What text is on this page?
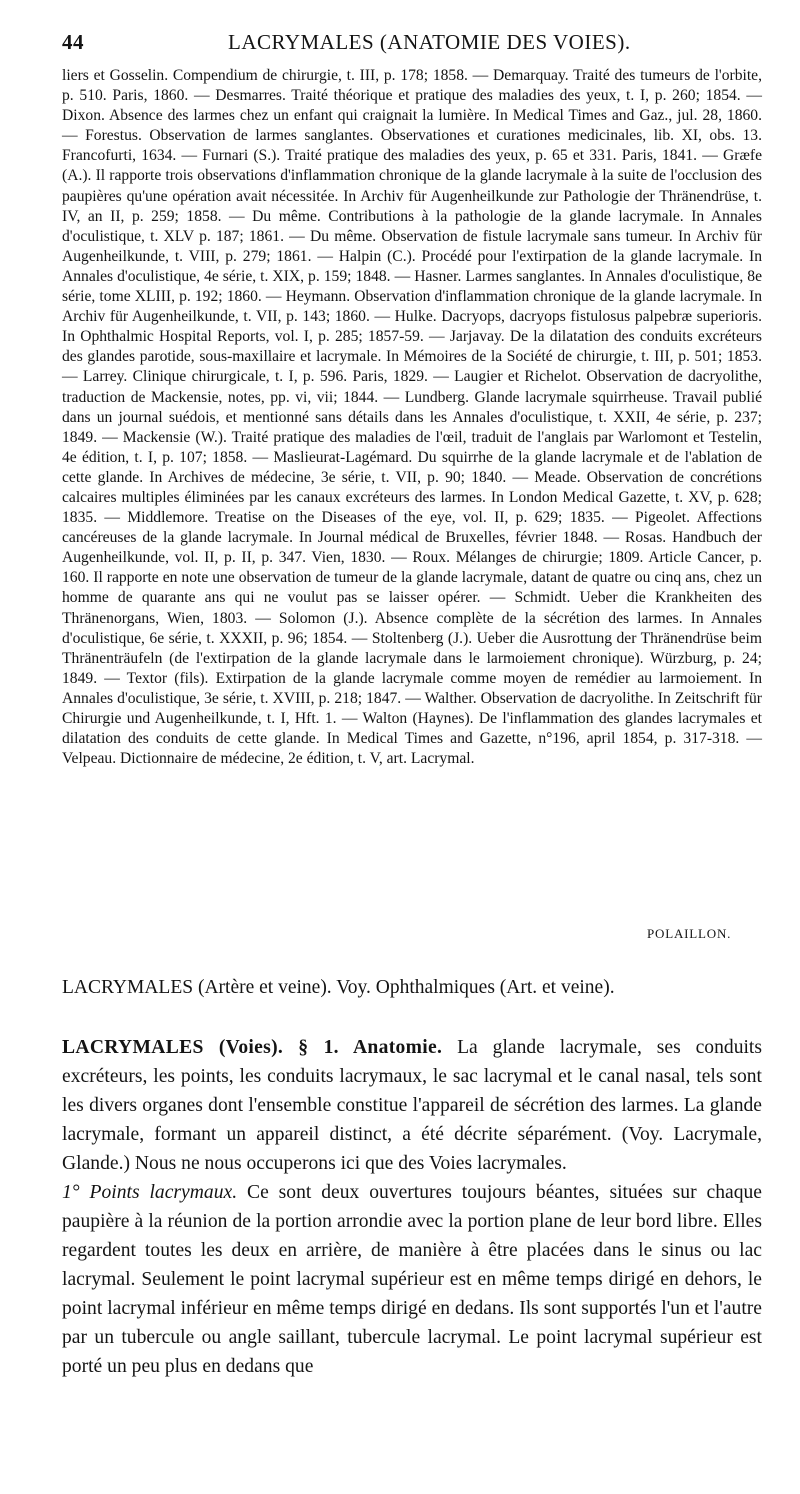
44	LACRYMALES (ANATOMIE DES VOIES).

liers et Gosselin. Compendium de chirurgie, t. III, p. 178; 1858. — Demarquay. Traité des tumeurs de l'orbite, p. 510. Paris, 1860. — Desmarres. Traité théorique et pratique des maladies des yeux, t. I, p. 260; 1854. — Dixon. Absence des larmes chez un enfant qui craignait la lumière. In Medical Times and Gaz., jul. 28, 1860. — Forestus. Observation de larmes sanglantes. Observationes et curationes medicinales, lib. XI, obs. 13. Francofurti, 1634. — Furnari (S.). Traité pratique des maladies des yeux, p. 65 et 331. Paris, 1841. — Græfe (A.). Il rapporte trois observations d'inflammation chronique de la glande lacrymale à la suite de l'occlusion des paupières qu'une opération avait nécessitée. In Archiv für Augenheilkunde zur Pathologie der Thränendrüse, t. IV, an II, p. 259; 1858. — Du même. Contributions à la pathologie de la glande lacrymale. In Annales d'oculistique, t. XLV p. 187; 1861. — Du même. Observation de fistule lacrymale sans tumeur. In Archiv für Augenheilkunde, t. VIII, p. 279; 1861. — Halpin (C.). Procédé pour l'extirpation de la glande lacrymale. In Annales d'oculistique, 4e série, t. XIX, p. 159; 1848. — Hasner. Larmes sanglantes. In Annales d'oculistique, 8e série, tome XLIII, p. 192; 1860. — Heymann. Observation d'inflammation chronique de la glande lacrymale. In Archiv für Augenheilkunde, t. VII, p. 143; 1860. — Hulke. Dacryops, dacryops fistulosus palpebræ superioris. In Ophthalmic Hospital Reports, vol. I, p. 285; 1857-59. — Jarjavay. De la dilatation des conduits excréteurs des glandes parotide, sous-maxillaire et lacrymale. In Mémoires de la Société de chirurgie, t. III, p. 501; 1853. — Larrey. Clinique chirurgicale, t. I, p. 596. Paris, 1829. — Laugier et Richelot. Observation de dacryolithe, traduction de Mackensie, notes, pp. vi, vii; 1844. — Lundberg. Glande lacrymale squirrheuse. Travail publié dans un journal suédois, et mentionné sans détails dans les Annales d'oculistique, t. XXII, 4e série, p. 237; 1849. — Mackensie (W.). Traité pratique des maladies de l'œil, traduit de l'anglais par Warlomont et Testelin, 4e édition, t. I, p. 107; 1858. — Maslieurat-Lagémard. Du squirrhe de la glande lacrymale et de l'ablation de cette glande. In Archives de médecine, 3e série, t. VII, p. 90; 1840. — Meade. Observation de concrétions calcaires multiples éliminées par les canaux excréteurs des larmes. In London Medical Gazette, t. XV, p. 628; 1835. — Middlemore. Treatise on the Diseases of the eye, vol. II, p. 629; 1835. — Pigeolet. Affections cancéreuses de la glande lacrymale. In Journal médical de Bruxelles, février 1848. — Rosas. Handbuch der Augenheilkunde, vol. II, p. II, p. 347. Vien, 1830. — Roux. Mélanges de chirurgie; 1809. Article Cancer, p. 160. Il rapporte en note une observation de tumeur de la glande lacrymale, datant de quatre ou cinq ans, chez un homme de quarante ans qui ne voulut pas se laisser opérer. — Schmidt. Ueber die Krankheiten des Thränenorgans, Wien, 1803. — Solomon (J.). Absence complète de la sécrétion des larmes. In Annales d'oculistique, 6e série, t. XXXII, p. 96; 1854. — Stoltenberg (J.). Ueber die Ausrottung der Thränendrüse beim Thränenträufeln (de l'extirpation de la glande lacrymale dans le larmoiement chronique). Würzburg, p. 24; 1849. — Textor (fils). Extirpation de la glande lacrymale comme moyen de remédier au larmoiement. In Annales d'oculistique, 3e série, t. XVIII, p. 218; 1847. — Walther. Observation de dacryolithe. In Zeitschrift für Chirurgie und Augenheilkunde, t. I, Hft. 1. — Walton (Haynes). De l'inflammation des glandes lacrymales et dilatation des conduits de cette glande. In Medical Times and Gazette, n°196, april 1854, p. 317-318. — Velpeau. Dictionnaire de médecine, 2e édition, t. V, art. Lacrymal.

POLAILLON.
LACRYMALES (Artère et veine). Voy. Ophthalmiques (Art. et veine).

LACRYMALES (Voies). § 1. Anatomie. La glande lacrymale, ses conduits excréteurs, les points, les conduits lacrymaux, le sac lacrymal et le canal nasal, tels sont les divers organes dont l'ensemble constitue l'appareil de sécrétion des larmes. La glande lacrymale, formant un appareil distinct, a été décrite séparément. (Voy. Lacrymale, Glande.) Nous ne nous occuperons ici que des Voies lacrymales.

1° Points lacrymaux. Ce sont deux ouvertures toujours béantes, situées sur chaque paupière à la réunion de la portion arrondie avec la portion plane de leur bord libre. Elles regardent toutes les deux en arrière, de manière à être placées dans le sinus ou lac lacrymal. Seulement le point lacrymal supérieur est en même temps dirigé en dehors, le point lacrymal inférieur en même temps dirigé en dedans. Ils sont supportés l'un et l'autre par un tubercule ou angle saillant, tubercule lacrymal. Le point lacrymal supérieur est porté un peu plus en dedans que
